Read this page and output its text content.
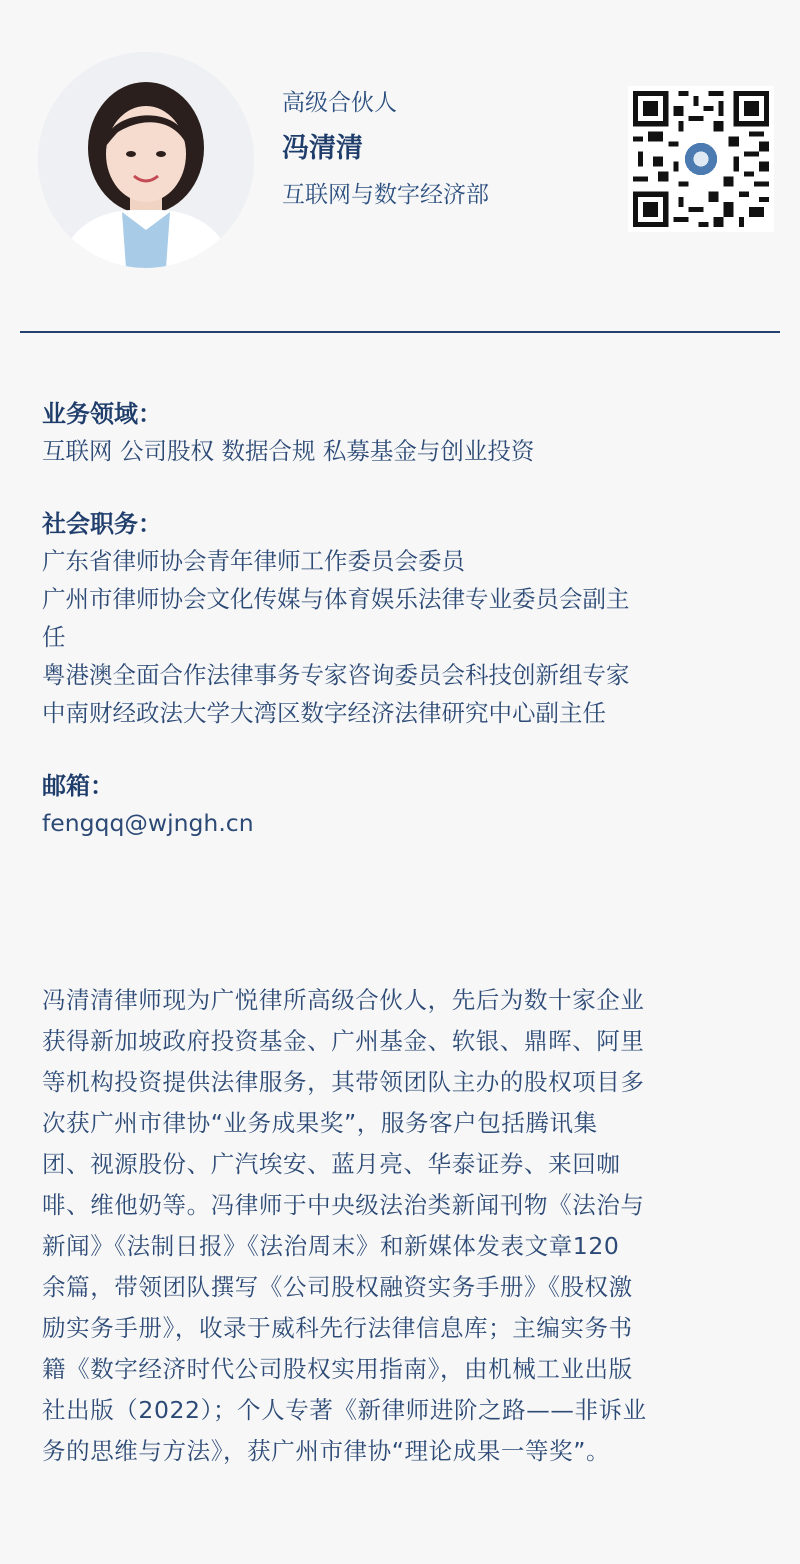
高级合伙人

冯清清

互联网与数字经济部

业务领域：

互联网 公司股权 数据合规 私募基金与创业投资

社会职务：

广东省律师协会青年律师工作委员会委员

广州市律师协会文化传媒与体育娱乐法律专业委员会副主

任

粤港澳全面合作法律事务专家咨询委员会科技创新组专家

中南财经政法大学大湾区数字经济法律研究中心副主任

邮箱：

fengqq@wjngh.cn

冯清清律师现为广悦律所高级合伙人，先后为数十家企业

获得新加坡政府投资基金、广州基金、软银、鼎晖、阿里

等机构投资提供法律服务，其带领团队主办的股权项目多

次获广州市律协“业务成果奖”，服务客户包括腾讯集

团、视源股份、广汽埃安、蓝月亮、华泰证券、来回咖

啡、维他奶等。冯律师于中央级法治类新闻刊物《法治与

新闻》《法制日报》《法治周末》和新媒体发表文章120

余篇，带领团队撰写《公司股权融资实务手册》《股权激

励实务手册》，收录于威科先行法律信息库；主编实务书

籍《数字经济时代公司股权实用指南》，由机械工业出版

社出版（2022）；个人专著《新律师进阶之路——非诉业

务的思维与方法》，获广州市律协“理论成果一等奖”。
